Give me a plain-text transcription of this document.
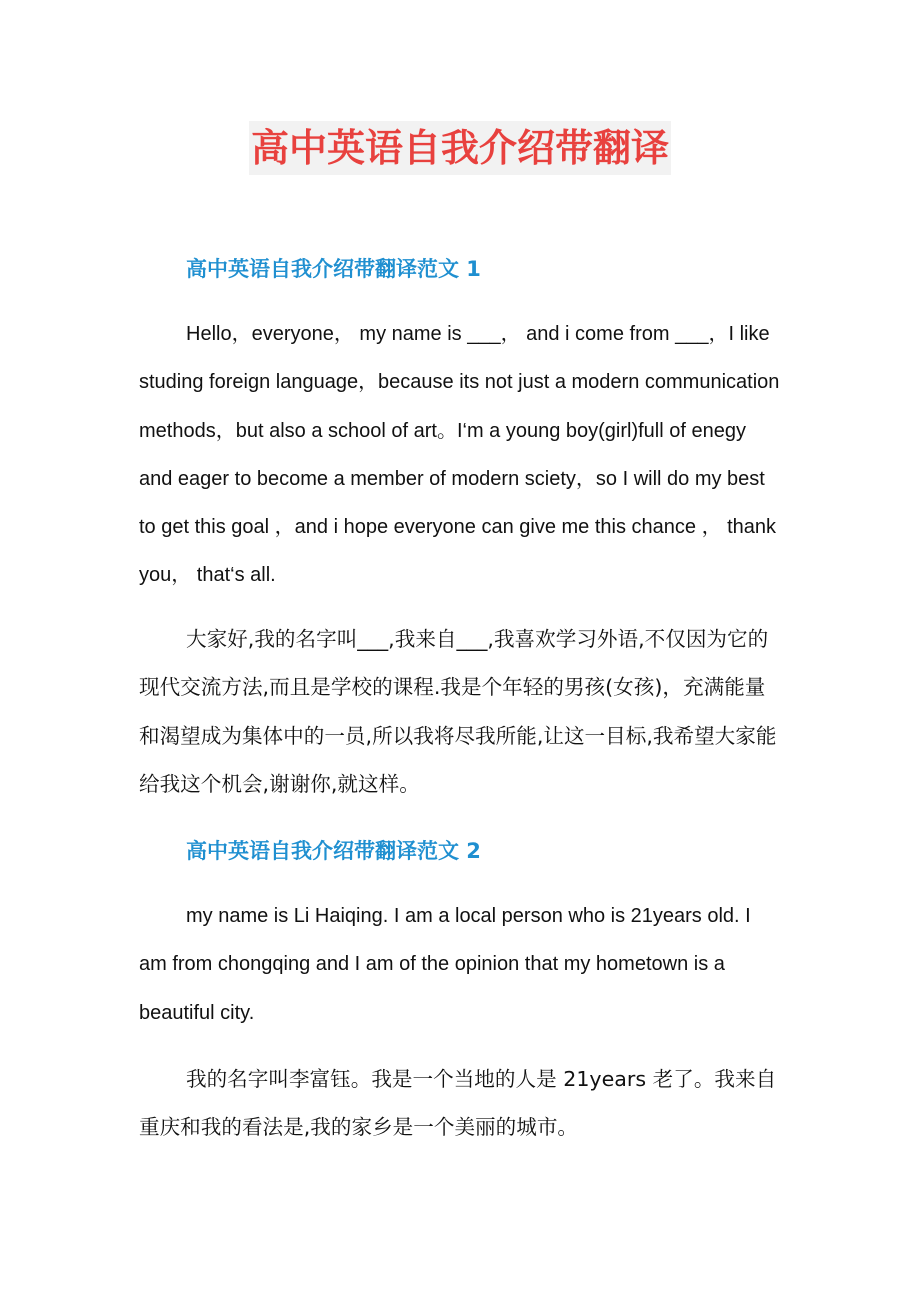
高中英语自我介绍带翻译
高中英语自我介绍带翻译范文 1

Hello，everyone， my name is ___， and i come from ___，I like studing foreign language，because its not just a modern communication methods，but also a school of art。I‘m a young boy(girl)full of enegy and eager to become a member of modern sciety，so I will do my best to get this goal ，and i hope everyone can give me this chance ， thank you， that‘s all.

大家好,我的名字叫___,我来自___,我喜欢学习外语,不仅因为它的现代交流方法,而且是学校的课程.我是个年轻的男孩(女孩)，充满能量和渴望成为集体中的一员,所以我将尽我所能,让这一目标,我希望大家能给我这个机会,谢谢你,就这样。

高中英语自我介绍带翻译范文 2

my name is Li Haiqing. I am a local person who is 21years old. I am from chongqing and I am of the opinion that my hometown is a beautiful city.

我的名字叫李富钰。我是一个当地的人是 21years 老了。我来自重庆和我的看法是,我的家乡是一个美丽的城市。
